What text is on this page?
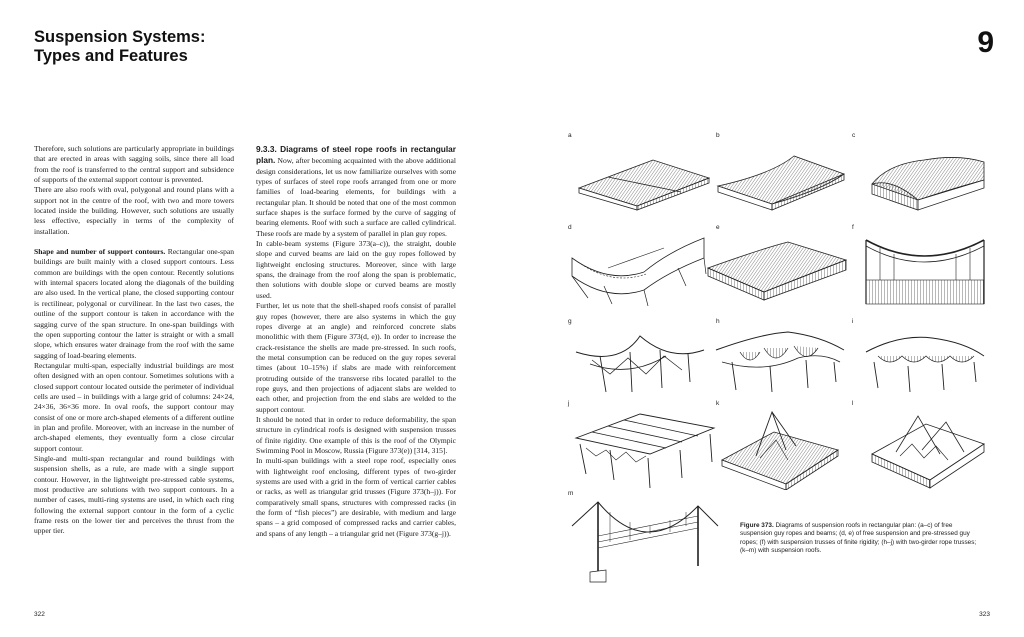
Suspension Systems:
Types and Features	9

Therefore, such solutions are particularly appropriate in buildings that are erected in areas with sagging soils, since there all load from the roof is transferred to the central support and subsidence of supports of the external support contour is prevented.

There are also roofs with oval, polygonal and round plans with a support not in the centre of the roof, with two and more towers located inside the building. However, such solutions are usually less effective, especially in terms of the complexity of installation.

Shape and number of support contours. Rectangular one-span buildings are built mainly with a closed support contours. Less common are buildings with the open contour. Recently solutions with internal spacers located along the diagonals of the building are also used. In the vertical plane, the closed supporting contour is rectilinear, polygonal or curvilinear. In the last two cases, the outline of the support contour is taken in accordance with the sagging curve of the span structure. In one-span buildings with the open supporting contour the latter is straight or with a small slope, which ensures water drainage from the roof with the same sagging of load-bearing elements.

Rectangular multi-span, especially industrial buildings are most often designed with an open contour. Sometimes solutions with a closed support contour located outside the perimeter of individual cells are used – in buildings with a large grid of columns: 24×24, 24×36, 36×36 more. In oval roofs, the support contour may consist of one or more arch-shaped elements of a different outline in plan and profile. Moreover, with an increase in the number of arch-shaped elements, they eventually form a close circular support contour.

Single-and multi-span rectangular and round buildings with suspension shells, as a rule, are made with a single support contour. However, in the lightweight pre-stressed cable systems, most productive are solutions with two support contours. In a number of cases, multi-ring systems are used, in which each ring following the external support contour in the form of a cyclic frame rests on the lower tier and perceives the thrust from the upper tier.

9.3.3. Diagrams of steel rope roofs in rectangular plan. Now, after becoming acquainted with the above additional design considerations, let us now familiarize ourselves with some types of surfaces of steel rope roofs arranged from one or more families of load-bearing elements, for buildings with a rectangular plan. It should be noted that one of the most common surface shapes is the surface formed by the curve of sagging of bearing elements. Roof with such a surface are called cylindrical. These roofs are made by a system of parallel in plan guy ropes.

In cable-beam systems (Figure 373(a–c)), the straight, double slope and curved beams are laid on the guy ropes followed by lightweight enclosing structures. Moreover, since with large spans, the drainage from the roof along the span is problematic, then solutions with double slope or curved beams are mostly used.

Further, let us note that the shell-shaped roofs consist of parallel guy ropes (however, there are also systems in which the guy ropes diverge at an angle) and reinforced concrete slabs monolithic with them (Figure 373(d, e)). In order to increase the crack-resistance the shells are made pre-stressed. In such roofs, the metal consumption can be reduced on the guy ropes several times (about 10–15%) if slabs are made with reinforcement protruding outside of the transverse ribs located parallel to the rope guys, and then projections of adjacent slabs are welded to each other, and projection from the end slabs are welded to the support contour.

It should be noted that in order to reduce deformability, the span structure in cylindrical roofs is designed with suspension trusses of finite rigidity. One example of this is the roof of the Olympic Swimming Pool in Moscow, Russia (Figure 373(e)) [314, 315].

In multi-span buildings with a steel rope roof, especially ones with lightweight roof enclosing, different types of two-girder systems are used with a grid in the form of vertical carrier cables or racks, as well as triangular grid trusses (Figure 373(h–j)). For comparatively small spans, structures with compressed racks (in the form of “fish pieces”) are desirable, with medium and large spans – a grid composed of compressed racks and carrier cables, and spans of any length – a triangular grid net (Figure 373(g–j)).

a	b	c
d	e	f
g	h	i
j	k	l
m
Figure 373. Diagrams of suspension roofs in rectangular plan: (a–c) of free suspension guy ropes and beams; (d, e) of free suspension and pre-stressed guy ropes; (f) with suspension trusses of finite rigidity; (h–j) with two-girder rope trusses; (k–m) with suspension roofs.
322	323
